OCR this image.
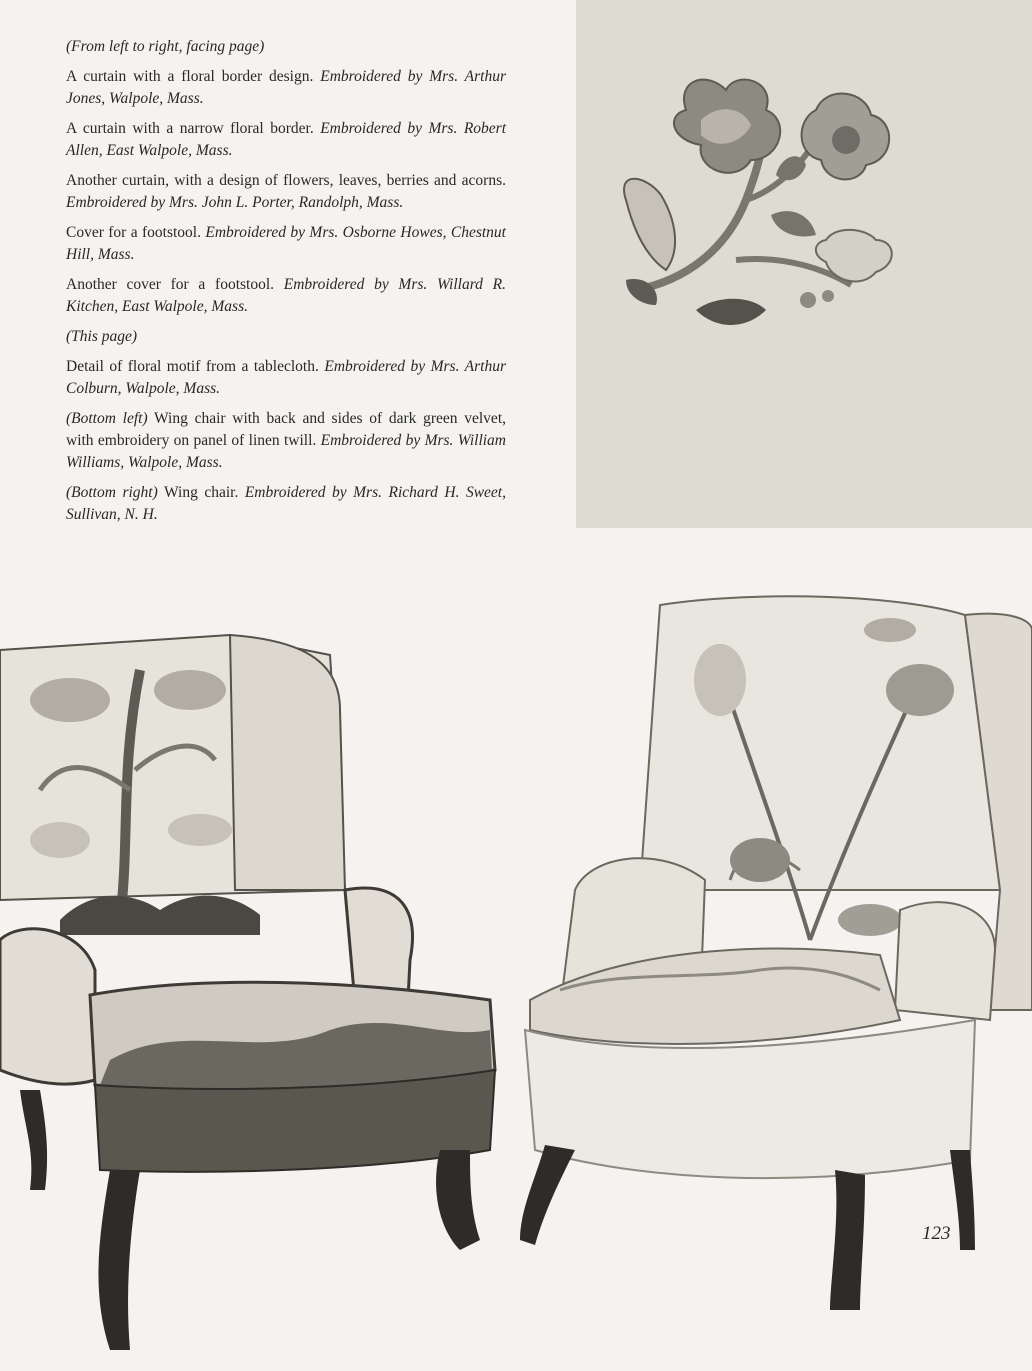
(From left to right, facing page)

A curtain with a floral border design. Embroidered by Mrs. Arthur Jones, Walpole, Mass.

A curtain with a narrow floral border. Embroidered by Mrs. Robert Allen, East Walpole, Mass.

Another curtain, with a design of flowers, leaves, berries and acorns. Embroidered by Mrs. John L. Porter, Randolph, Mass.

Cover for a footstool. Embroidered by Mrs. Osborne Howes, Chestnut Hill, Mass.

Another cover for a footstool. Embroidered by Mrs. Willard R. Kitchen, East Walpole, Mass.

(This page)

Detail of floral motif from a tablecloth. Embroidered by Mrs. Arthur Colburn, Walpole, Mass.

(Bottom left) Wing chair with back and sides of dark green velvet, with embroidery on panel of linen twill. Embroidered by Mrs. William Williams, Walpole, Mass.

(Bottom right) Wing chair. Embroidered by Mrs. Richard H. Sweet, Sullivan, N. H.

123
